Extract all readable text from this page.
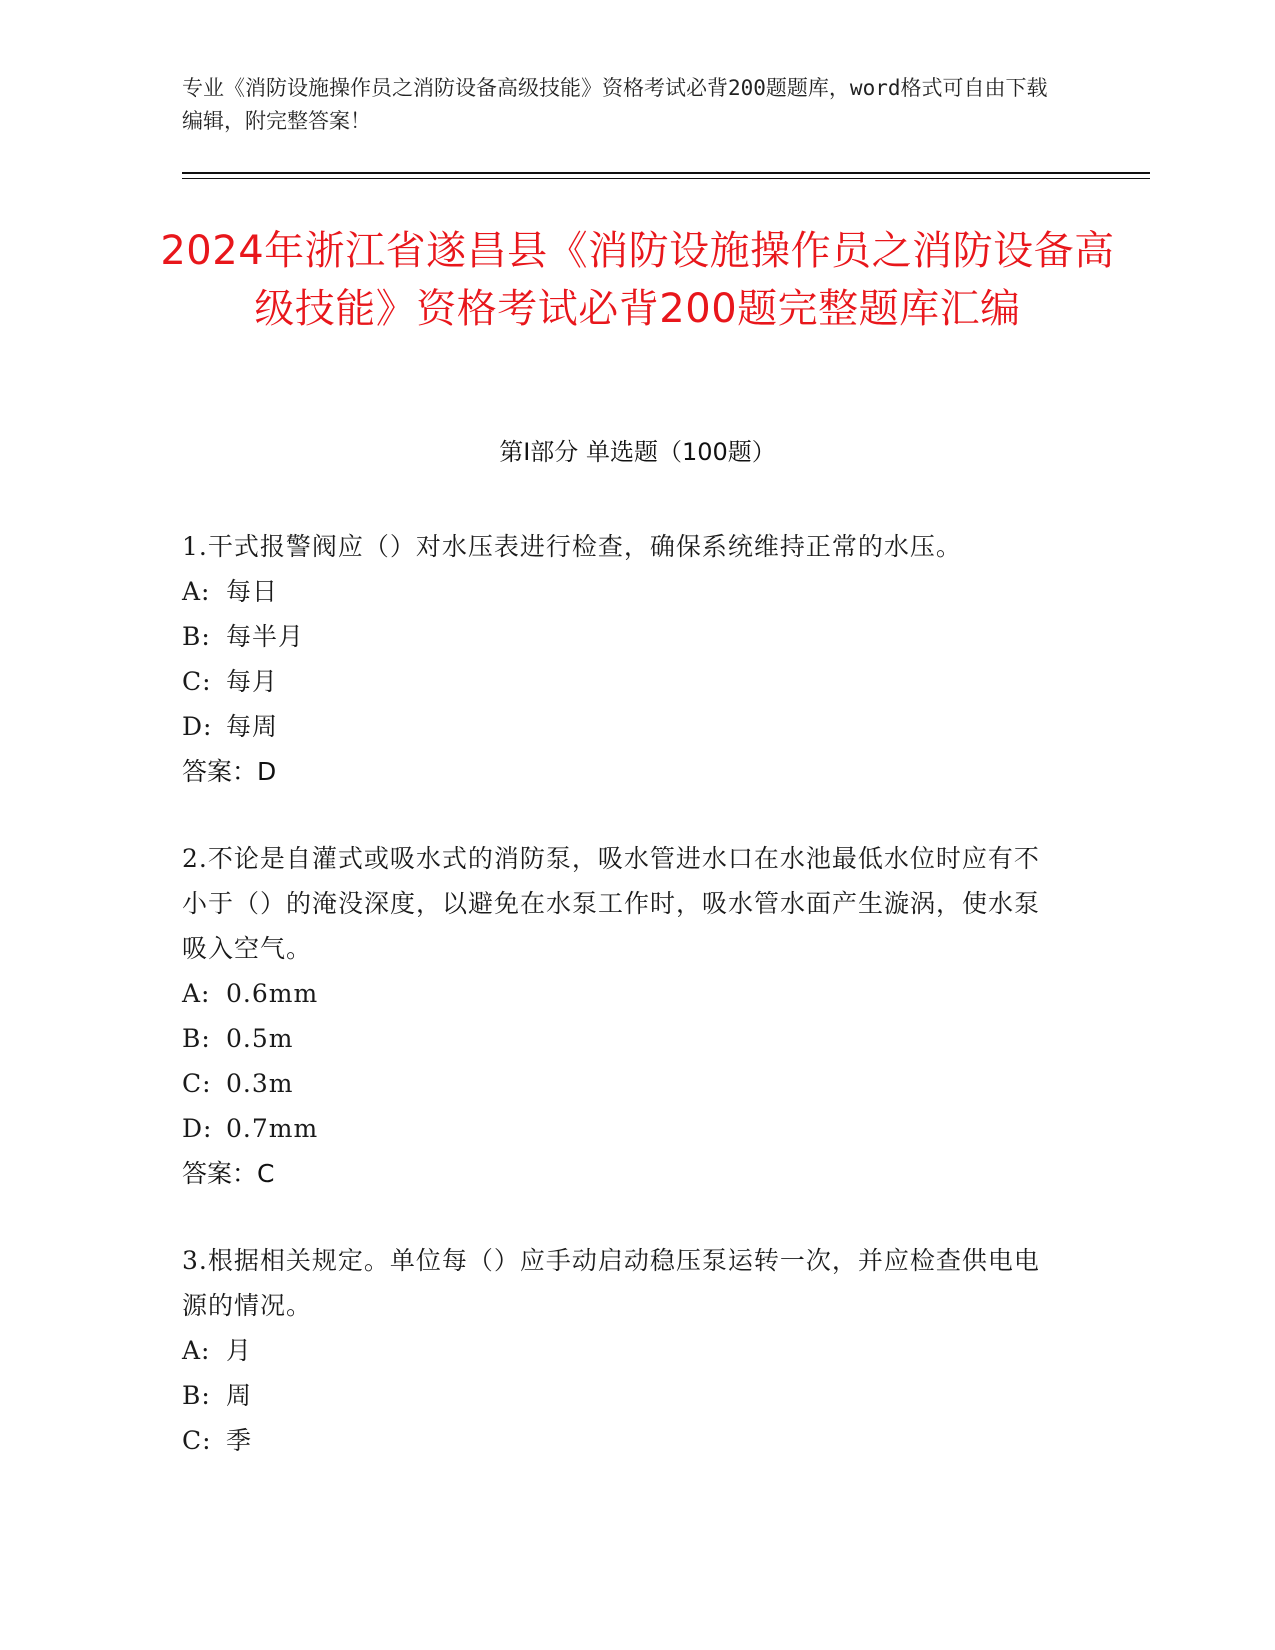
专业《消防设施操作员之消防设备高级技能》资格考试必背200题题库，word格式可自由下载编辑，附完整答案！
2024年浙江省遂昌县《消防设施操作员之消防设备高级技能》资格考试必背200题完整题库汇编
第I部分 单选题（100题）
1.干式报警阀应（）对水压表进行检查，确保系统维持正常的水压。
A: 每日
B: 每半月
C: 每月
D: 每周
答案：D
2.不论是自灌式或吸水式的消防泵，吸水管进水口在水池最低水位时应有不小于（）的淹没深度，以避免在水泵工作时，吸水管水面产生漩涡，使水泵吸入空气。
A: 0.6mm
B: 0.5m
C: 0.3m
D: 0.7mm
答案：C
3.根据相关规定。单位每（）应手动启动稳压泵运转一次，并应检查供电电源的情况。
A: 月
B: 周
C: 季
